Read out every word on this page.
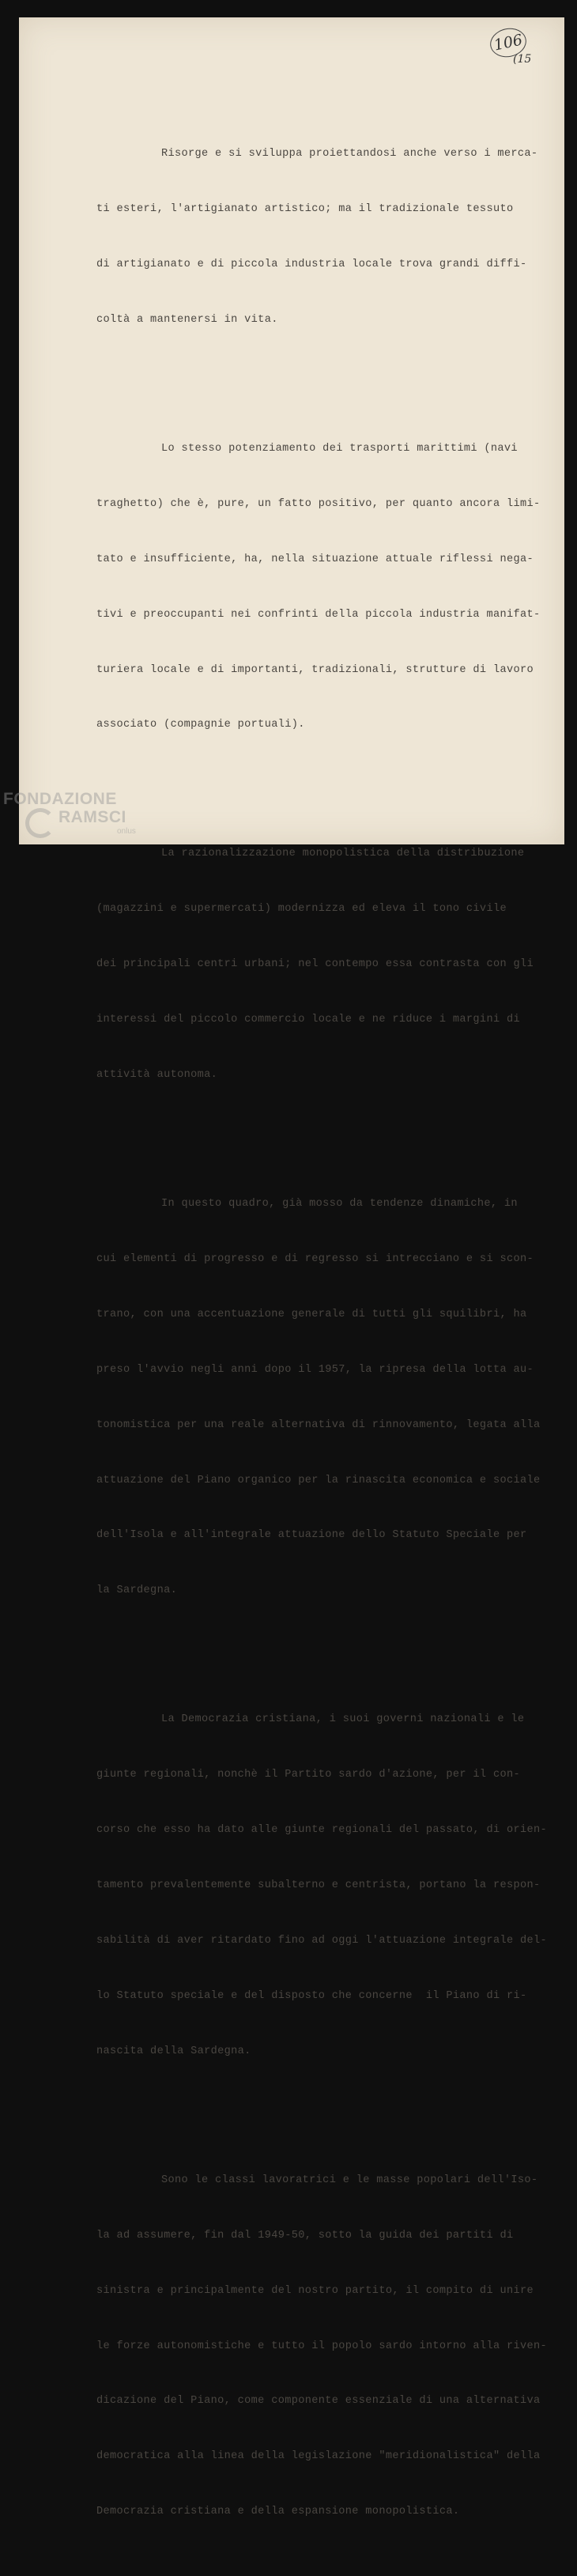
106
(15

Risorge e si sviluppa proiettandosi anche verso i merca-

ti esteri, l'artigianato artistico; ma il tradizionale tessuto

di artigianato e di piccola industria locale trova grandi diffi-

coltà a mantenersi in vita.

Lo stesso potenziamento dei trasporti marittimi (navi

traghetto) che è, pure, un fatto positivo, per quanto ancora limi-

tato e insufficiente, ha, nella situazione attuale riflessi nega-

tivi e preoccupanti nei confrinti della piccola industria manifat-

turiera locale e di importanti, tradizionali, strutture di lavoro

associato (compagnie portuali).

La razionalizzazione monopolistica della distribuzione

(magazzini e supermercati) modernizza ed eleva il tono civile

dei principali centri urbani; nel contempo essa contrasta con gli

interessi del piccolo commercio locale e ne riduce i margini di

attività autonoma.

In questo quadro, già mosso da tendenze dinamiche, in

cui elementi di progresso e di regresso si intrecciano e si scon-

trano, con una accentuazione generale di tutti gli squilibri, ha

preso l'avvio negli anni dopo il 1957, la ripresa della lotta au-

tonomistica per una reale alternativa di rinnovamento, legata alla

attuazione del Piano organico per la rinascita economica e sociale

dell'Isola e all'integrale attuazione dello Statuto Speciale per

la Sardegna.

La Democrazia cristiana, i suoi governi nazionali e le

giunte regionali, nonchè il Partito sardo d'azione, per il con-

corso che esso ha dato alle giunte regionali del passato, di orien-

tamento prevalentemente subalterno e centrista, portano la respon-

sabilità di aver ritardato fino ad oggi l'attuazione integrale del-

lo Statuto speciale e del disposto che concerne  il Piano di ri-

nascita della Sardegna.

Sono le classi lavoratrici e le masse popolari dell'Iso-

la ad assumere, fin dal 1949-50, sotto la guida dei partiti di

sinistra e principalmente del nostro partito, il compito di unire

le forze autonomistiche e tutto il popolo sardo intorno alla riven-

dicazione del Piano, come componente essenziale di una alternativa

democratica alla linea della legislazione "meridionalistica" della

Democrazia cristiana e della espansione monopolistica.

FONDAZIONE
RAMSCI
onlus
